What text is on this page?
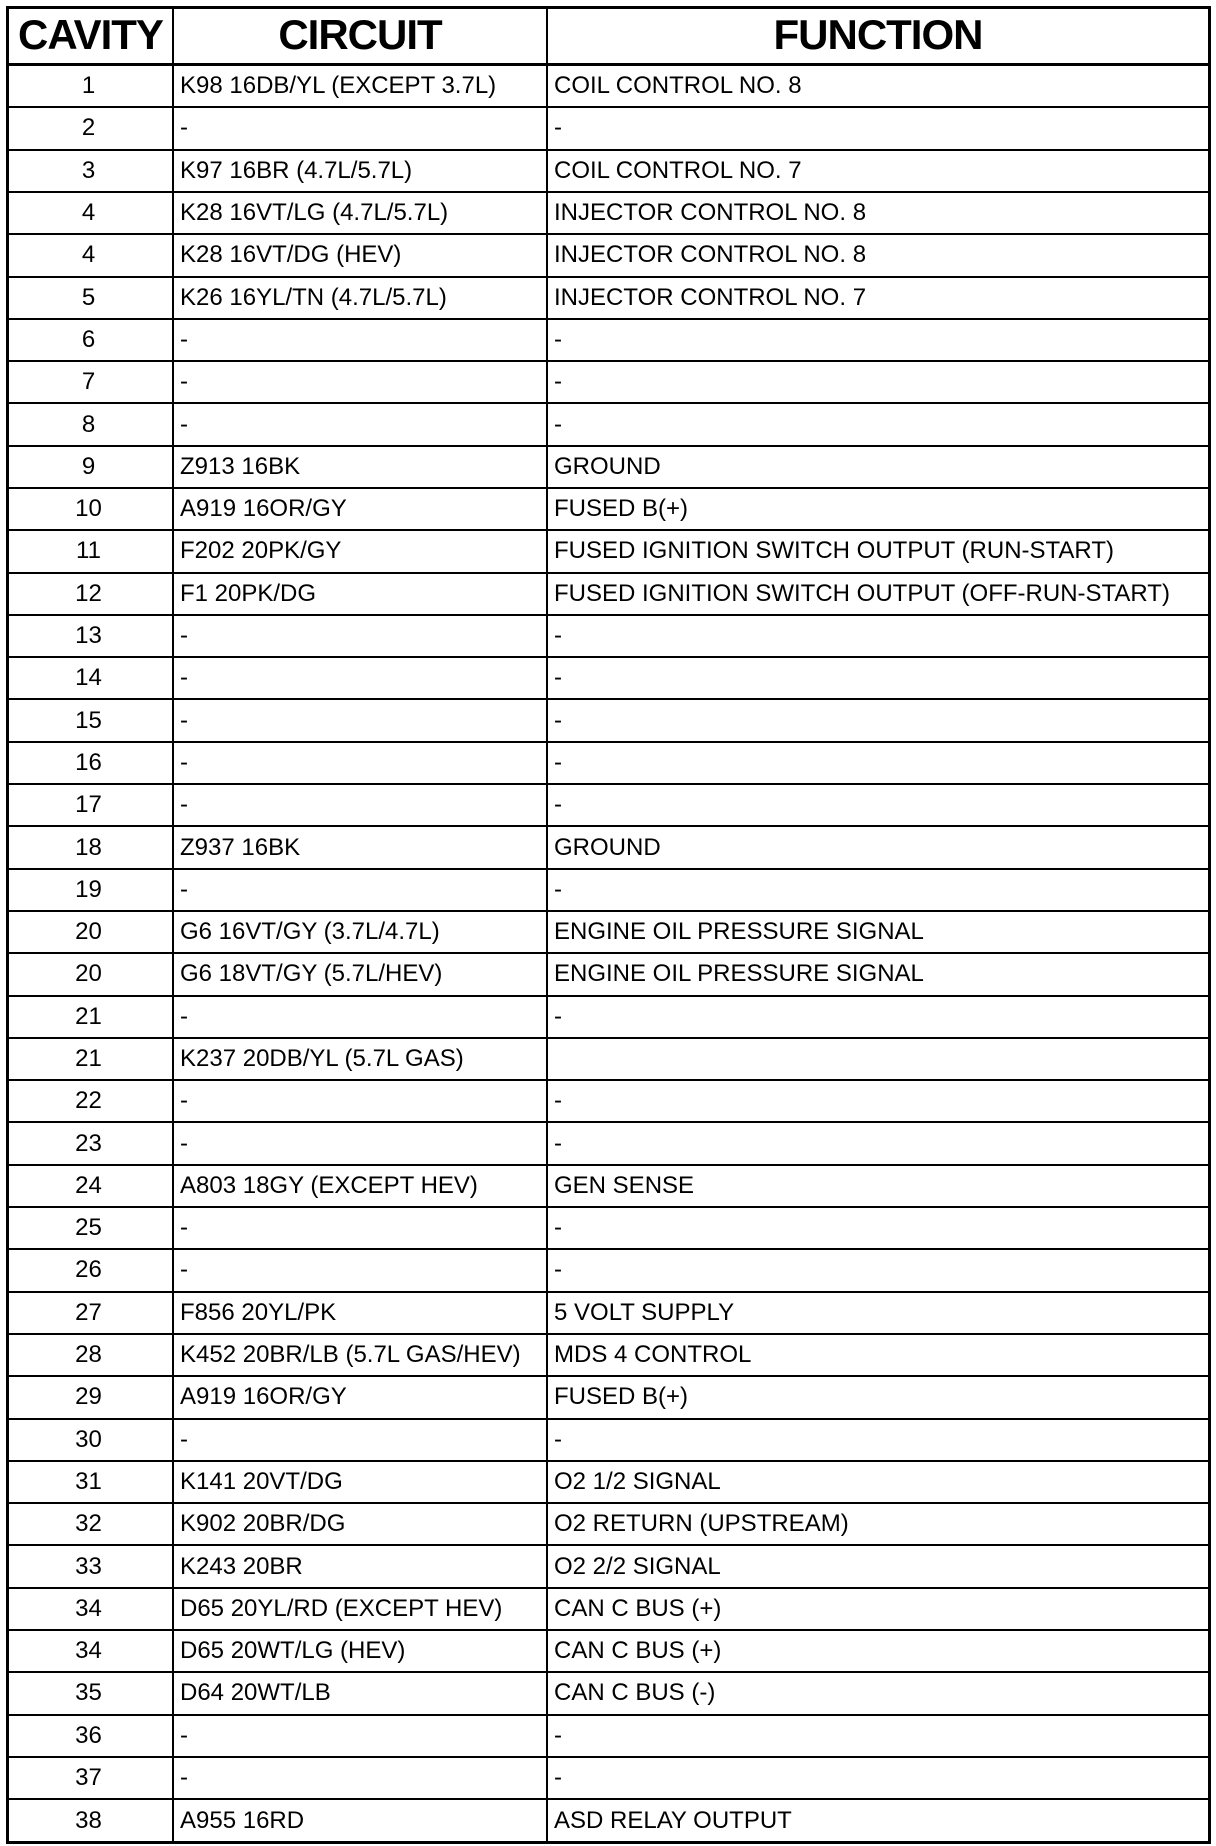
CAVITY	CIRCUIT	FUNCTION
1	K98 16DB/YL (EXCEPT 3.7L)	COIL CONTROL NO. 8
2	-	-
3	K97 16BR (4.7L/5.7L)	COIL CONTROL NO. 7
4	K28 16VT/LG (4.7L/5.7L)	INJECTOR CONTROL NO. 8
4	K28 16VT/DG (HEV)	INJECTOR CONTROL NO. 8
5	K26 16YL/TN (4.7L/5.7L)	INJECTOR CONTROL NO. 7
6	-	-
7	-	-
8	-	-
9	Z913 16BK	GROUND
10	A919 16OR/GY	FUSED B(+)
11	F202 20PK/GY	FUSED IGNITION SWITCH OUTPUT (RUN-START)
12	F1 20PK/DG	FUSED IGNITION SWITCH OUTPUT (OFF-RUN-START)
13	-	-
14	-	-
15	-	-
16	-	-
17	-	-
18	Z937 16BK	GROUND
19	-	-
20	G6 16VT/GY (3.7L/4.7L)	ENGINE OIL PRESSURE SIGNAL
20	G6 18VT/GY (5.7L/HEV)	ENGINE OIL PRESSURE SIGNAL
21	-	-
21	K237 20DB/YL (5.7L GAS)	
22	-	-
23	-	-
24	A803 18GY (EXCEPT HEV)	GEN SENSE
25	-	-
26	-	-
27	F856 20YL/PK	5 VOLT SUPPLY
28	K452 20BR/LB (5.7L GAS/HEV)	MDS 4 CONTROL
29	A919 16OR/GY	FUSED B(+)
30	-	-
31	K141 20VT/DG	O2 1/2 SIGNAL
32	K902 20BR/DG	O2 RETURN (UPSTREAM)
33	K243 20BR	O2 2/2 SIGNAL
34	D65 20YL/RD (EXCEPT HEV)	CAN C BUS (+)
34	D65 20WT/LG (HEV)	CAN C BUS (+)
35	D64 20WT/LB	CAN C BUS (-)
36	-	-
37	-	-
38	A955 16RD	ASD RELAY OUTPUT
